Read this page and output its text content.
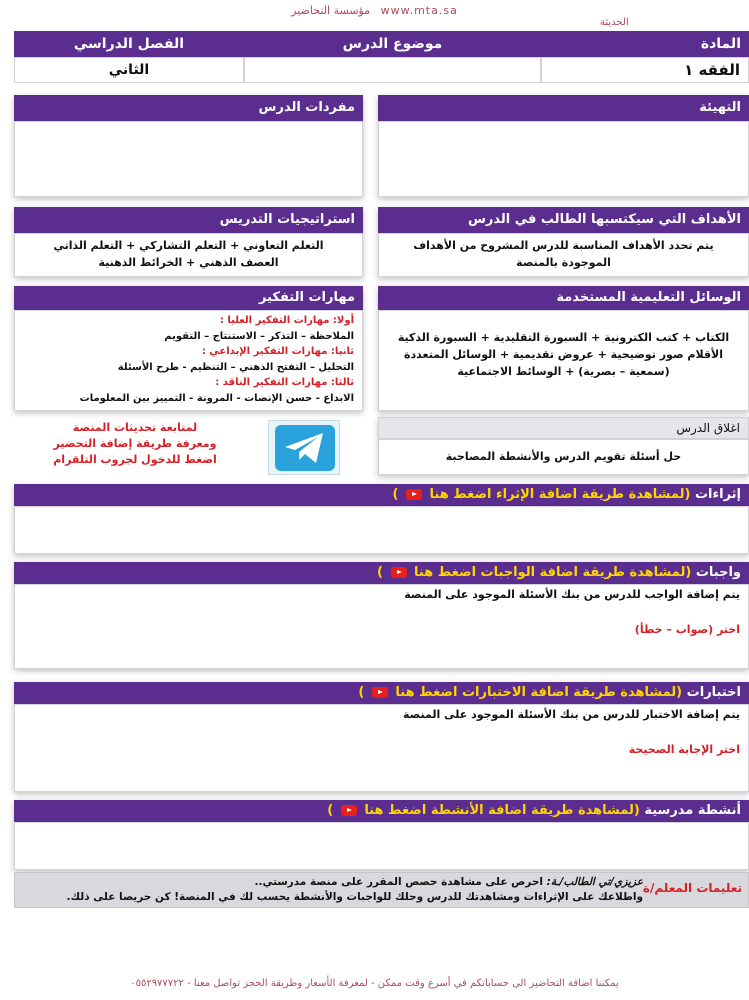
مؤسسة التحاضير www.mta.sa
الحديثة
المادة
موضوع الدرس
الفصل الدراسي
الفقه ١
الثاني
التهيئة
مفردات الدرس
الأهداف التي سيكتسبها الطالب في الدرس
يتم تحدد الأهداف المناسبة للدرس المشروح من الأهداف الموجودة بالمنصة
استراتيجيات التدريس
التعلم التعاوني + التعلم التشاركي + التعلم الذاتي
العصف الذهني + الخرائط الذهنية
الوسائل التعليمية المستخدمة
الكتاب + كتب الكترونية + السبورة التقليدية + السبورة الذكية
الأقلام صور توضيحية + عروض تقديمية + الوسائل المتعددة
(سمعية – بصرية) + الوسائط الاجتماعية
مهارات التفكير
أولا: مهارات التفكير العليا :
الملاحظة – التذكر – الاستنتاج – التقويم
ثانيا: مهارات التفكير الإبداعي :
التحليل – التفتح الذهني – التنظيم - طرح الأسئلة
ثالثا: مهارات التفكير الناقد :
الابداع - حسن الإنصات - المرونة - التمييز بين المعلومات
لمتابعة تحديثات المنصة
ومعرفة طريقة إضافة التحضير
اضغط للدخول لجروب التلقرام
اغلاق الدرس
حل أسئلة تقويم الدرس والأنشطة المصاحبة
إثراءات (لمشاهدة طريقة اضافة الإثراء اضغط هنا  )
واجبات (لمشاهدة طريقة اضافة الواجبات اضغط هنا  )
يتم إضافة الواجب للدرس من بنك الأسئلة الموجود على المنصة
اختر (صواب – خطأ)
اختبارات (لمشاهدة طريقة اضافة الاختبارات اضغط هنا  )
يتم إضافة الاختبار للدرس من بنك الأسئلة الموجود على المنصة
اختر الإجابة الصحيحة
أنشطة مدرسية (لمشاهدة طريقة اضافة الأنشطة اضغط هنا  )
تعليمات المعلم/ة
عزيزي/تي الطالب/ـة: احرص على مشاهدة حصص المقرر على منصة مدرستي..
واطلاعك على الإثراءات ومشاهدتك للدرس وحلك للواجبات والأنشطة يحسب لك في المنصة! كن حريصا على ذلك.
يمكننا اضافة التحاضير الى حساباتكم في أسرع وقت ممكن - لمعرفة الأسعار وطريقة الحجز تواصل معنا - ٠٥٥٢٩٧٧٧٢٢
